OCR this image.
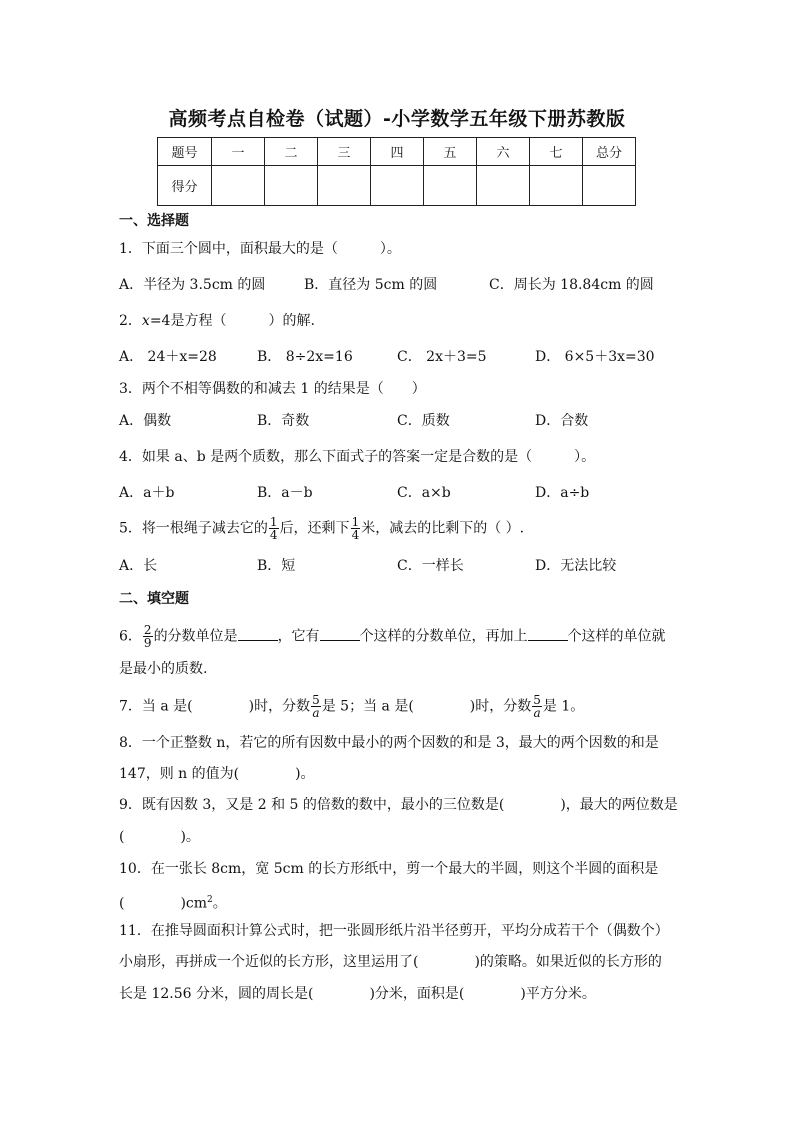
高频考点自检卷（试题）-小学数学五年级下册苏教版
题号	一	二	三	四	五	六	七	总分
得分								
一、选择题
1．下面三个圆中，面积最大的是（　　　）。
A．半径为 3.5cm 的圆	B．直径为 5cm 的圆	C．周长为 18.84cm 的圆
2．x=4是方程（　　　）的解.
A． 24＋x=28	B． 8÷2x=16	C． 2x＋3=5	D． 6×5＋3x=30
3．两个不相等偶数的和减去 1 的结果是（　　）
A．偶数	B．奇数	C．质数	D．合数
4．如果 a、b 是两个质数，那么下面式子的答案一定是合数的是（　　　）。
A．a＋b	B．a－b	C．a×b	D．a÷b
5．将一根绳子减去它的 $\frac{1}{4}$ 后，还剩下 $\frac{1}{4}$ 米，减去的比剩下的（ ）.
A．长	B．短	C．一样长	D．无法比较
二、填空题
6． $\frac{2}{9}$ 的分数单位是	，它有	个这样的分数单位，再加上	个这样的单位就
是最小的质数.
7．当 a 是(　　　　)时，分数 $\frac{5}{a}$ 是 5；当 a 是(　　　　)时，分数 $\frac{5}{a}$ 是 1。
8．一个正整数 n，若它的所有因数中最小的两个因数的和是 3，最大的两个因数的和是
147，则 n 的值为(　　　　)。
9．既有因数 3，又是 2 和 5 的倍数的数中，最小的三位数是(　　　　)，最大的两位数是
(　　　　)。
10．在一张长 8cm，宽 5cm 的长方形纸中，剪一个最大的半圆，则这个半圆的面积是
(　　　　)$cm^2$。
11．在推导圆面积计算公式时，把一张圆形纸片沿半径剪开，平均分成若干个（偶数个）
小扇形，再拼成一个近似的长方形，这里运用了(　　　　)的策略。如果近似的长方形的
长是 12.56 分米，圆的周长是(　　　　)分米，面积是(　　　　)平方分米。
